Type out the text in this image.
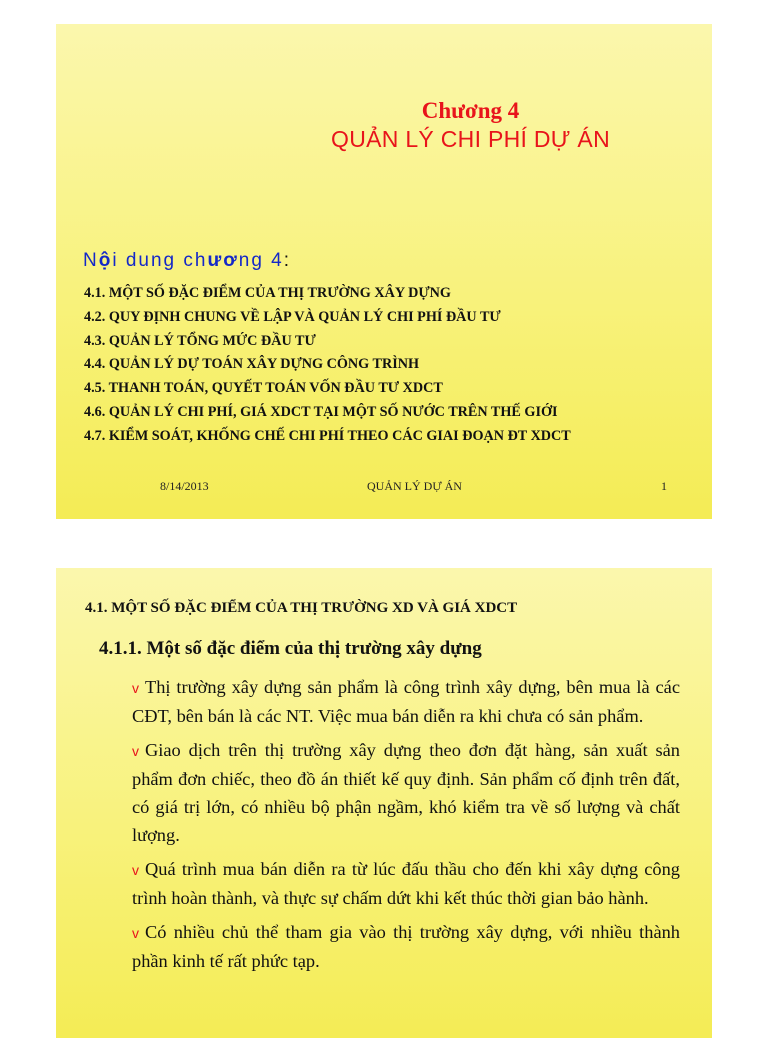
Chương 4
QUẢN LÝ CHI PHÍ DỰ ÁN
Nội dung chương 4:
4.1. MỘT SỐ ĐẶC ĐIỂM CỦA THỊ TRƯỜNG XÂY DỰNG
4.2. QUY ĐỊNH CHUNG VỀ LẬP VÀ QUẢN LÝ CHI PHÍ ĐẦU TƯ
4.3. QUẢN LÝ TỔNG MỨC ĐẦU TƯ
4.4. QUẢN LÝ DỰ TOÁN XÂY DỰNG CÔNG TRÌNH
4.5. THANH TOÁN, QUYẾT TOÁN VỐN ĐẦU TƯ XDCT
4.6. QUẢN LÝ CHI PHÍ, GIÁ XDCT TẠI MỘT SỐ NƯỚC TRÊN THẾ GIỚI
4.7. KIỂM SOÁT, KHỐNG CHẾ CHI PHÍ THEO CÁC GIAI ĐOẠN ĐT XDCT
8/14/2013	QUẢN LÝ DỰ ÁN	1
4.1. MỘT SỐ ĐẶC ĐIỂM CỦA THỊ TRƯỜNG XD VÀ GIÁ XDCT
4.1.1. Một số đặc điểm của thị trường xây dựng
v Thị trường xây dựng sản phẩm là công trình xây dựng, bên mua là các CĐT, bên bán là các NT. Việc mua bán diễn ra khi chưa có sản phẩm.
v Giao dịch trên thị trường xây dựng theo đơn đặt hàng, sản xuất sản phẩm đơn chiếc, theo đồ án thiết kế quy định. Sản phẩm cố định trên đất, có giá trị lớn, có nhiều bộ phận ngầm, khó kiểm tra về số lượng và chất lượng.
v Quá trình mua bán diễn ra từ lúc đấu thầu cho đến khi xây dựng công trình hoàn thành, và thực sự chấm dứt khi kết thúc thời gian bảo hành.
v Có nhiều chủ thể tham gia vào thị trường xây dựng, với nhiều thành phần kinh tế rất phức tạp.
